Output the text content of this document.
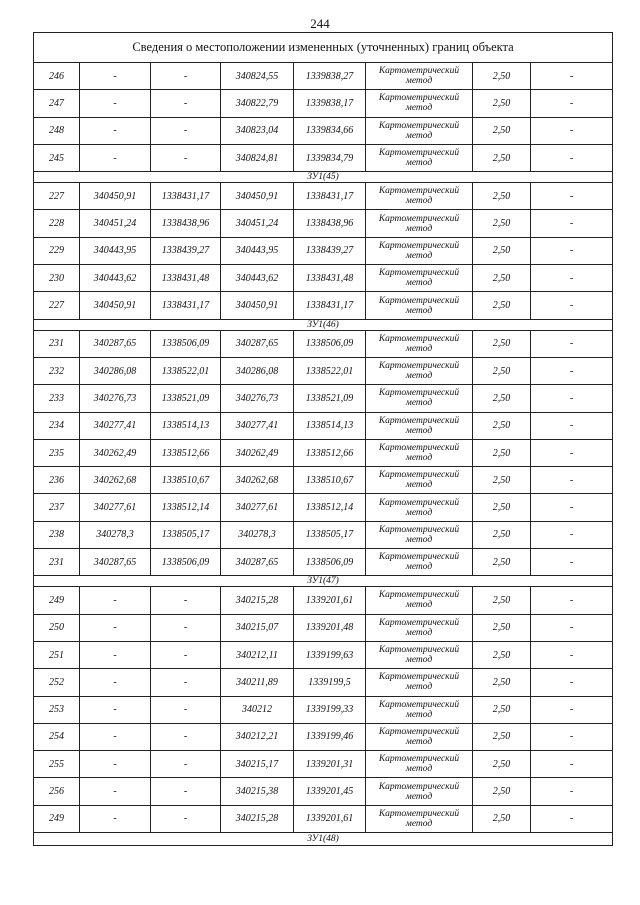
244
Сведения о местоположении измененных (уточненных) границ объекта							
246	-	-	340824,55	1339838,27	Картометрический метод	2,50	-
247	-	-	340822,79	1339838,17	Картометрический метод	2,50	-
248	-	-	340823,04	1339834,66	Картометрический метод	2,50	-
245	-	-	340824,81	1339834,79	Картометрический метод	2,50	-
ЗУ1(45)							
227	340450,91	1338431,17	340450,91	1338431,17	Картометрический метод	2,50	-
228	340451,24	1338438,96	340451,24	1338438,96	Картометрический метод	2,50	-
229	340443,95	1338439,27	340443,95	1338439,27	Картометрический метод	2,50	-
230	340443,62	1338431,48	340443,62	1338431,48	Картометрический метод	2,50	-
227	340450,91	1338431,17	340450,91	1338431,17	Картометрический метод	2,50	-
ЗУ1(46)							
231	340287,65	1338506,09	340287,65	1338506,09	Картометрический метод	2,50	-
232	340286,08	1338522,01	340286,08	1338522,01	Картометрический метод	2,50	-
233	340276,73	1338521,09	340276,73	1338521,09	Картометрический метод	2,50	-
234	340277,41	1338514,13	340277,41	1338514,13	Картометрический метод	2,50	-
235	340262,49	1338512,66	340262,49	1338512,66	Картометрический метод	2,50	-
236	340262,68	1338510,67	340262,68	1338510,67	Картометрический метод	2,50	-
237	340277,61	1338512,14	340277,61	1338512,14	Картометрический метод	2,50	-
238	340278,3	1338505,17	340278,3	1338505,17	Картометрический метод	2,50	-
231	340287,65	1338506,09	340287,65	1338506,09	Картометрический метод	2,50	-
ЗУ1(47)							
249	-	-	340215,28	1339201,61	Картометрический метод	2,50	-
250	-	-	340215,07	1339201,48	Картометрический метод	2,50	-
251	-	-	340212,11	1339199,63	Картометрический метод	2,50	-
252	-	-	340211,89	1339199,5	Картометрический метод	2,50	-
253	-	-	340212	1339199,33	Картометрический метод	2,50	-
254	-	-	340212,21	1339199,46	Картометрический метод	2,50	-
255	-	-	340215,17	1339201,31	Картометрический метод	2,50	-
256	-	-	340215,38	1339201,45	Картометрический метод	2,50	-
249	-	-	340215,28	1339201,61	Картометрический метод	2,50	-
ЗУ1(48)							
